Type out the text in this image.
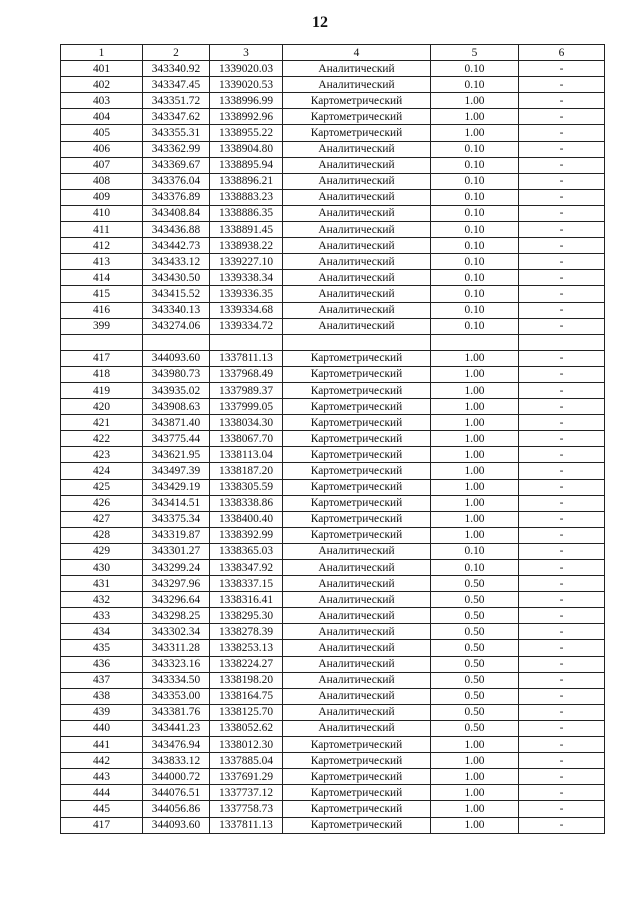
12
1	2	3	4	5	6
401	343340.92	1339020.03	Аналитический	0.10	-
402	343347.45	1339020.53	Аналитический	0.10	-
403	343351.72	1338996.99	Картометрический	1.00	-
404	343347.62	1338992.96	Картометрический	1.00	-
405	343355.31	1338955.22	Картометрический	1.00	-
406	343362.99	1338904.80	Аналитический	0.10	-
407	343369.67	1338895.94	Аналитический	0.10	-
408	343376.04	1338896.21	Аналитический	0.10	-
409	343376.89	1338883.23	Аналитический	0.10	-
410	343408.84	1338886.35	Аналитический	0.10	-
411	343436.88	1338891.45	Аналитический	0.10	-
412	343442.73	1338938.22	Аналитический	0.10	-
413	343433.12	1339227.10	Аналитический	0.10	-
414	343430.50	1339338.34	Аналитический	0.10	-
415	343415.52	1339336.35	Аналитический	0.10	-
416	343340.13	1339334.68	Аналитический	0.10	-
399	343274.06	1339334.72	Аналитический	0.10	-

417	344093.60	1337811.13	Картометрический	1.00	-
418	343980.73	1337968.49	Картометрический	1.00	-
419	343935.02	1337989.37	Картометрический	1.00	-
420	343908.63	1337999.05	Картометрический	1.00	-
421	343871.40	1338034.30	Картометрический	1.00	-
422	343775.44	1338067.70	Картометрический	1.00	-
423	343621.95	1338113.04	Картометрический	1.00	-
424	343497.39	1338187.20	Картометрический	1.00	-
425	343429.19	1338305.59	Картометрический	1.00	-
426	343414.51	1338338.86	Картометрический	1.00	-
427	343375.34	1338400.40	Картометрический	1.00	-
428	343319.87	1338392.99	Картометрический	1.00	-
429	343301.27	1338365.03	Аналитический	0.10	-
430	343299.24	1338347.92	Аналитический	0.10	-
431	343297.96	1338337.15	Аналитический	0.50	-
432	343296.64	1338316.41	Аналитический	0.50	-
433	343298.25	1338295.30	Аналитический	0.50	-
434	343302.34	1338278.39	Аналитический	0.50	-
435	343311.28	1338253.13	Аналитический	0.50	-
436	343323.16	1338224.27	Аналитический	0.50	-
437	343334.50	1338198.20	Аналитический	0.50	-
438	343353.00	1338164.75	Аналитический	0.50	-
439	343381.76	1338125.70	Аналитический	0.50	-
440	343441.23	1338052.62	Аналитический	0.50	-
441	343476.94	1338012.30	Картометрический	1.00	-
442	343833.12	1337885.04	Картометрический	1.00	-
443	344000.72	1337691.29	Картометрический	1.00	-
444	344076.51	1337737.12	Картометрический	1.00	-
445	344056.86	1337758.73	Картометрический	1.00	-
417	344093.60	1337811.13	Картометрический	1.00	-
